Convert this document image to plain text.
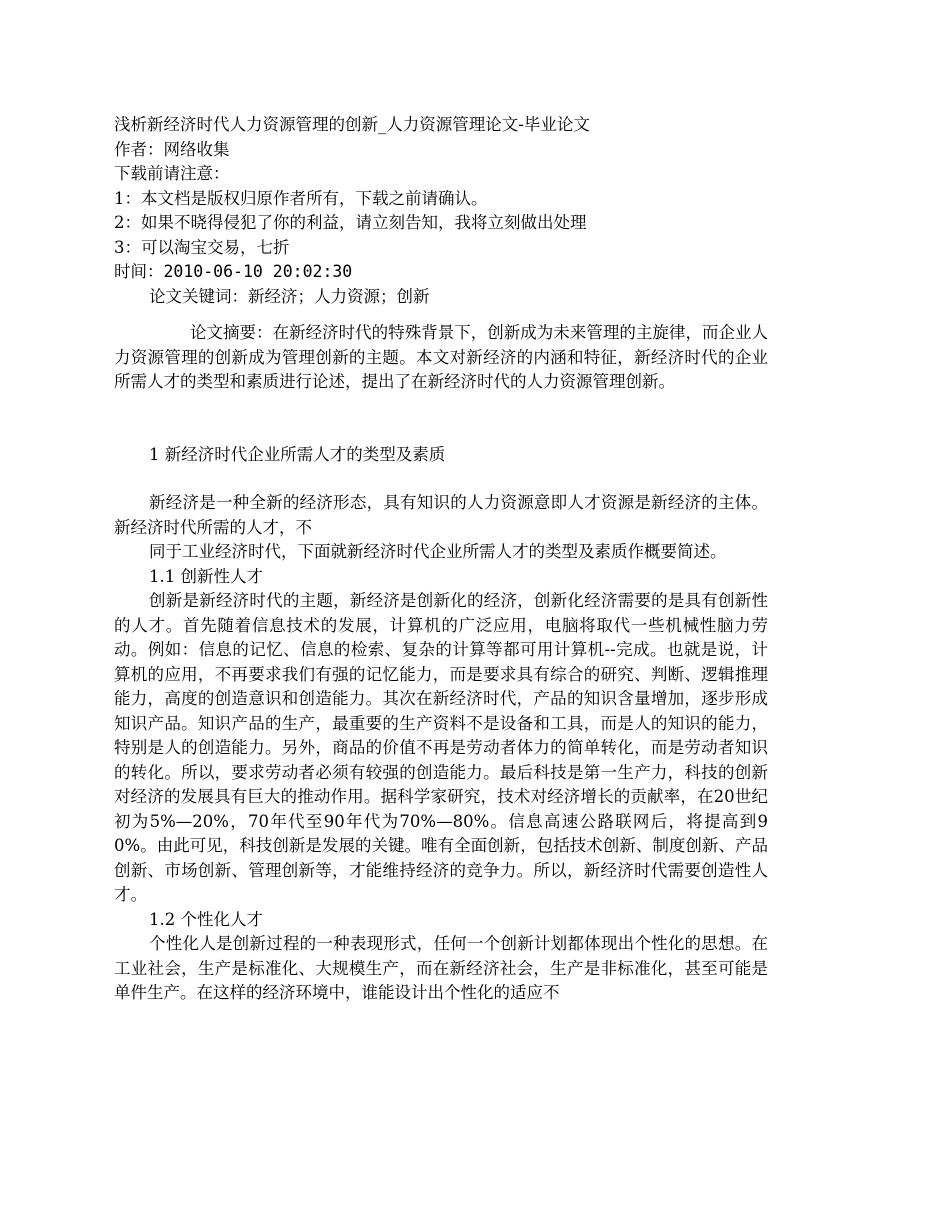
浅析新经济时代人力资源管理的创新_人力资源管理论文-毕业论文
作者：网络收集
下载前请注意：
1：本文档是版权归原作者所有，下载之前请确认。
2：如果不晓得侵犯了你的利益，请立刻告知，我将立刻做出处理
3：可以淘宝交易，七折
时间：2010-06-10 20:02:30
论文关键词：新经济；人力资源；创新
论文摘要：在新经济时代的特殊背景下，创新成为未来管理的主旋律，而企业人力资源管理的创新成为管理创新的主题。本文对新经济的内涵和特征，新经济时代的企业所需人才的类型和素质进行论述，提出了在新经济时代的人力资源管理创新。
1 新经济时代企业所需人才的类型及素质
新经济是一种全新的经济形态，具有知识的人力资源意即人才资源是新经济的主体。新经济时代所需的人才，不
同于工业经济时代，下面就新经济时代企业所需人才的类型及素质作概要简述。
1.1 创新性人才
创新是新经济时代的主题，新经济是创新化的经济，创新化经济需要的是具有创新性的人才。首先随着信息技术的发展，计算机的广泛应用，电脑将取代一些机械性脑力劳动。例如：信息的记忆、信息的检索、复杂的计算等都可用计算机--完成。也就是说，计算机的应用，不再要求我们有强的记忆能力，而是要求具有综合的研究、判断、逻辑推理能力，高度的创造意识和创造能力。其次在新经济时代，产品的知识含量增加，逐步形成知识产品。知识产品的生产，最重要的生产资料不是设备和工具，而是人的知识的能力，特别是人的创造能力。另外，商品的价值不再是劳动者体力的简单转化，而是劳动者知识的转化。所以，要求劳动者必须有较强的创造能力。最后科技是第一生产力，科技的创新对经济的发展具有巨大的推动作用。据科学家研究，技术对经济增长的贡献率，在20世纪初为5%—20%，70年代至90年代为70%—80%。信息高速公路联网后，将提高到90%。由此可见，科技创新是发展的关键。唯有全面创新，包括技术创新、制度创新、产品创新、市场创新、管理创新等，才能维持经济的竞争力。所以，新经济时代需要创造性人才。
1.2 个性化人才
个性化人是创新过程的一种表现形式，任何一个创新计划都体现出个性化的思想。在工业社会，生产是标准化、大规模生产，而在新经济社会，生产是非标准化，甚至可能是单件生产。在这样的经济环境中，谁能设计出个性化的适应不
